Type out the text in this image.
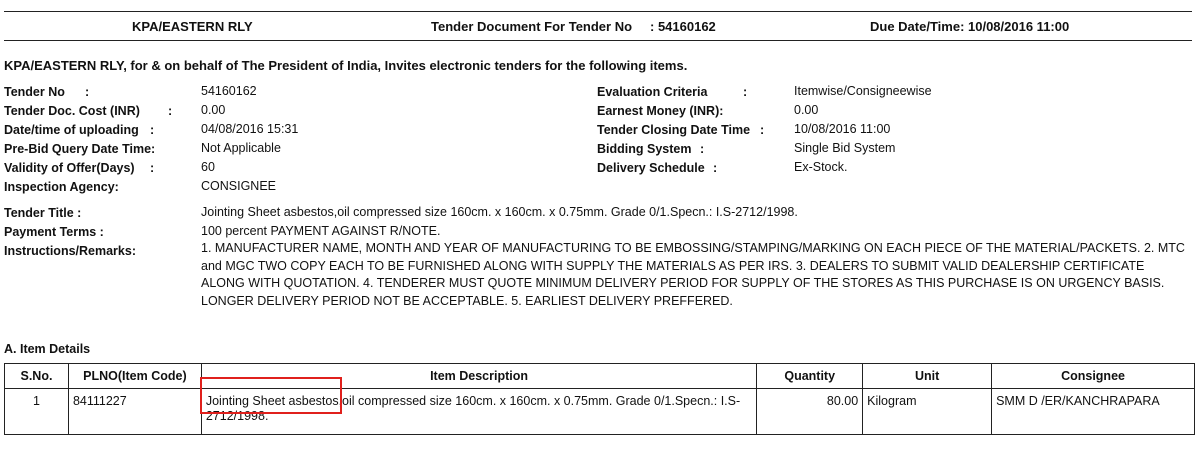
KPA/EASTERN RLY	Tender Document For Tender No : 54160162	Due Date/Time: 10/08/2016 11:00
KPA/EASTERN RLY, for & on behalf of The President of India, Invites electronic tenders for the following items.
Tender No :	54160162
Tender Doc. Cost (INR) : 0.00
Date/time of uploading :	04/08/2016 15:31
Pre-Bid Query Date Time:	Not Applicable
Validity of Offer(Days) :	60
Inspection Agency:	CONSIGNEE
Evaluation Criteria	:	Itemwise/Consigneewise
Earnest Money (INR):	0.00
Tender Closing Date Time : 10/08/2016 11:00
Bidding System :	Single Bid System
Delivery Schedule :	Ex-Stock.
Tender Title :	Jointing Sheet asbestos,oil compressed size 160cm. x 160cm. x 0.75mm. Grade 0/1.Specn.: I.S-2712/1998.
Payment Terms :	100 percent PAYMENT AGAINST R/NOTE.
Instructions/Remarks:	1. MANUFACTURER NAME, MONTH AND YEAR OF MANUFACTURING TO BE EMBOSSING/STAMPING/MARKING ON EACH PIECE OF THE MATERIAL/PACKETS. 2. MTC and MGC TWO COPY EACH TO BE FURNISHED ALONG WITH SUPPLY THE MATERIALS AS PER IRS. 3. DEALERS TO SUBMIT VALID DEALERSHIP CERTIFICATE ALONG WITH QUOTATION. 4. TENDERER MUST QUOTE MINIMUM DELIVERY PERIOD FOR SUPPLY OF THE STORES AS THIS PURCHASE IS ON URGENCY BASIS. LONGER DELIVERY PERIOD NOT BE ACCEPTABLE. 5. EARLIEST DELIVERY PREFFERED.
A. Item Details
S.No.	PLNO(Item Code)	Item Description	Quantity	Unit	Consignee
1	84111227	Jointing Sheet asbestos,oil compressed size 160cm. x 160cm. x 0.75mm. Grade 0/1.Specn.: I.S-2712/1998.	80.00	Kilogram	SMM D /ER/KANCHRAPARA
